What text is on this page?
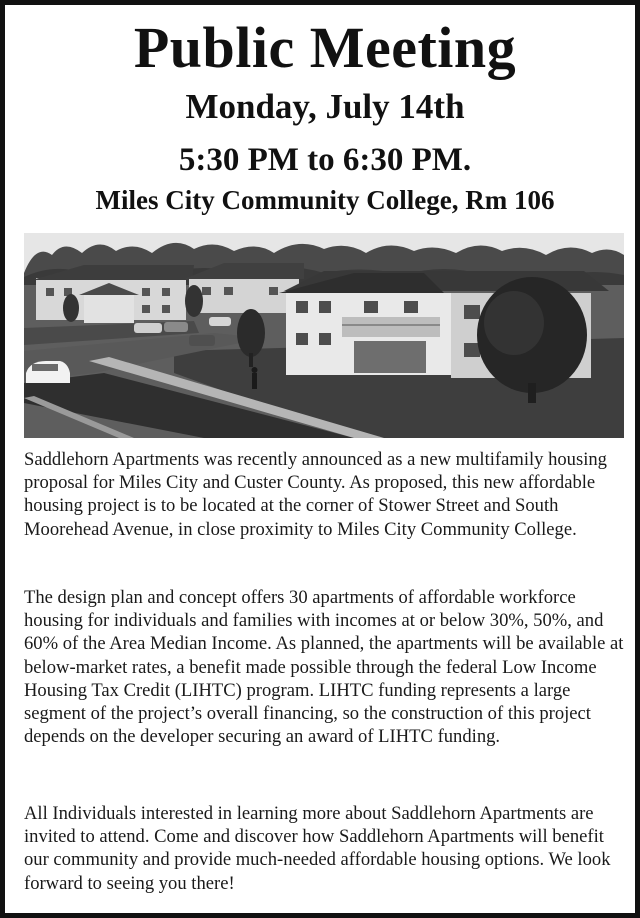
Public Meeting
Monday, July 14th
5:30 PM to 6:30 PM.
Miles City Community College, Rm 106

Saddlehorn Apartments was recently announced as a new multifamily housing proposal for Miles City and Custer County. As proposed, this new affordable housing project is to be located at the corner of Stower Street and South Moorehead Avenue, in close proximity to Miles City Community College.

The design plan and concept offers 30 apartments of affordable workforce housing for individuals and families with incomes at or below 30%, 50%, and 60% of the Area Median Income. As planned, the apartments will be available at below-market rates, a benefit made possible through the federal Low Income Housing Tax Credit (LIHTC) program. LIHTC funding represents a large segment of the project’s overall financing, so the construction of this project depends on the developer securing an award of LIHTC funding.

All Individuals interested in learning more about Saddlehorn Apartments are invited to attend. Come and discover how Saddlehorn Apartments will benefit our community and provide much-needed affordable housing options. We look forward to seeing you there!
